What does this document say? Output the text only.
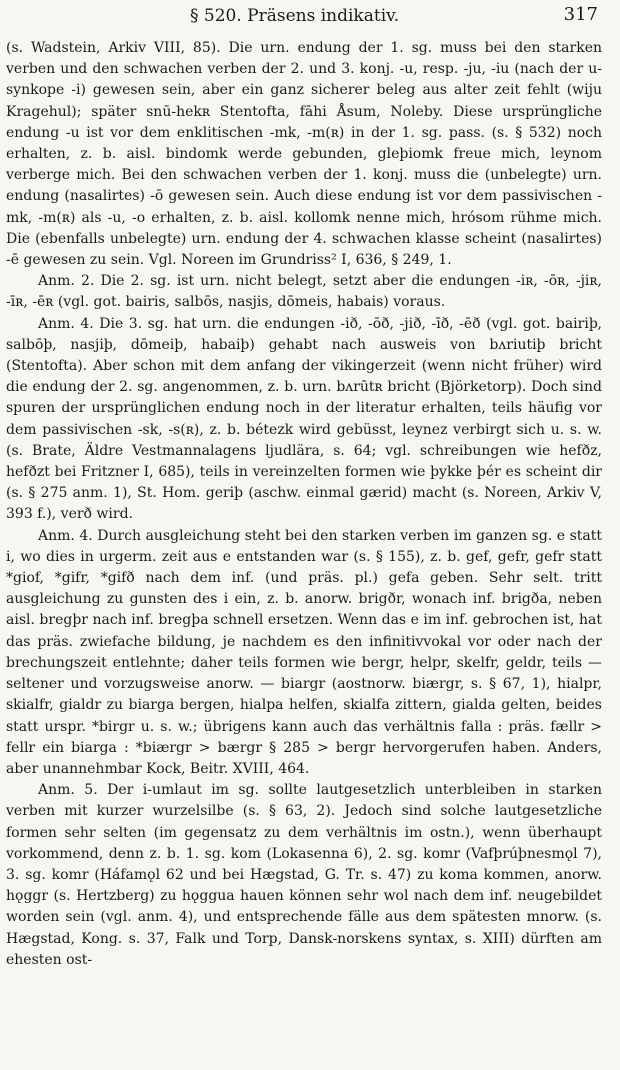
§ 520. Präsens indikativ.	317

(s. Wadstein, Arkiv VIII, 85). Die urn. endung der 1. sg. muss bei den starken verben und den schwachen verben der 2. und 3. konj. -u, resp. -ju, -iu (nach der u-synkope -i) gewesen sein, aber ein ganz sicherer beleg aus alter zeit fehlt (wiju Kragehul); später snū-hekʀ Stentofta, fāhi Åsum, Noleby. Diese ursprüngliche endung -u ist vor dem enklitischen -mk, -m(ʀ) in der 1. sg. pass. (s. § 532) noch erhalten, z. b. aisl. bindomk werde gebunden, gleþiomk freue mich, leynom verberge mich. Bei den schwachen verben der 1. konj. muss die (unbelegte) urn. endung (nasalirtes) -ō gewesen sein. Auch diese endung ist vor dem passivischen -mk, -m(ʀ) als -u, -o erhalten, z. b. aisl. kollomk nenne mich, hrósom rühme mich. Die (ebenfalls unbelegte) urn. endung der 4. schwachen klasse scheint (nasalirtes) -ē gewesen zu sein. Vgl. Noreen im Grundriss² I, 636, § 249, 1.

Anm. 2. Die 2. sg. ist urn. nicht belegt, setzt aber die endungen -iʀ, -ōʀ, -jiʀ, -īʀ, -ēʀ (vgl. got. bairis, salbōs, nasjis, dōmeis, habais) voraus.

Anm. 4. Die 3. sg. hat urn. die endungen -ið, -ōð, -jið, -īð, -ēð (vgl. got. bairiþ, salbōþ, nasjiþ, dōmeiþ, habaiþ) gehabt nach ausweis von bʌriutiþ bricht (Stentofta). Aber schon mit dem anfang der vikingerzeit (wenn nicht früher) wird die endung der 2. sg. angenommen, z. b. urn. bʌrūtʀ bricht (Björketorp). Doch sind spuren der ursprünglichen endung noch in der literatur erhalten, teils häufig vor dem passivischen -sk, -s(ʀ), z. b. bétezk wird gebüsst, leynez verbirgt sich u. s. w. (s. Brate, Äldre Vestmannalagens ljudlära, s. 64; vgl. schreibungen wie hefðz, hefðzt bei Fritzner I, 685), teils in vereinzelten formen wie þykke þér es scheint dir (s. § 275 anm. 1), St. Hom. geriþ (aschw. einmal gærid) macht (s. Noreen, Arkiv V, 393 f.), verð wird.

Anm. 4. Durch ausgleichung steht bei den starken verben im ganzen sg. e statt i, wo dies in urgerm. zeit aus e entstanden war (s. § 155), z. b. gef, gefr, gefr statt *giof, *gifr, *gifð nach dem inf. (und präs. pl.) gefa geben. Sehr selt. tritt ausgleichung zu gunsten des i ein, z. b. anorw. brigðr, wonach inf. brigða, neben aisl. bregþr nach inf. bregþa schnell ersetzen. Wenn das e im inf. gebrochen ist, hat das präs. zwiefache bildung, je nachdem es den infinitivvokal vor oder nach der brechungszeit entlehnte; daher teils formen wie bergr, helpr, skelfr, geldr, teils — seltener und vorzugsweise anorw. — biargr (aostnorw. biærgr, s. § 67, 1), hialpr, skialfr, gialdr zu biarga bergen, hialpa helfen, skialfa zittern, gialda gelten, beides statt urspr. *birgr u. s. w.; übrigens kann auch das verhältnis falla : präs. fællr > fellr ein biarga : *biærgr > bærgr § 285 > bergr hervorgerufen haben. Anders, aber unannehmbar Kock, Beitr. XVIII, 464.

Anm. 5. Der i-umlaut im sg. sollte lautgesetzlich unterbleiben in starken verben mit kurzer wurzelsilbe (s. § 63, 2). Jedoch sind solche lautgesetzliche formen sehr selten (im gegensatz zu dem verhältnis im ostn.), wenn überhaupt vorkommend, denn z. b. 1. sg. kom (Lokasenna 6), 2. sg. komr (Vafþrúþnesmǫl 7), 3. sg. komr (Háfamǫl 62 und bei Hægstad, G. Tr. s. 47) zu koma kommen, anorw. hǫggr (s. Hertzberg) zu hǫggua hauen können sehr wol nach dem inf. neugebildet worden sein (vgl. anm. 4), und entsprechende fälle aus dem spätesten mnorw. (s. Hægstad, Kong. s. 37, Falk und Torp, Dansk-norskens syntax, s. XIII) dürften am ehesten ost-
